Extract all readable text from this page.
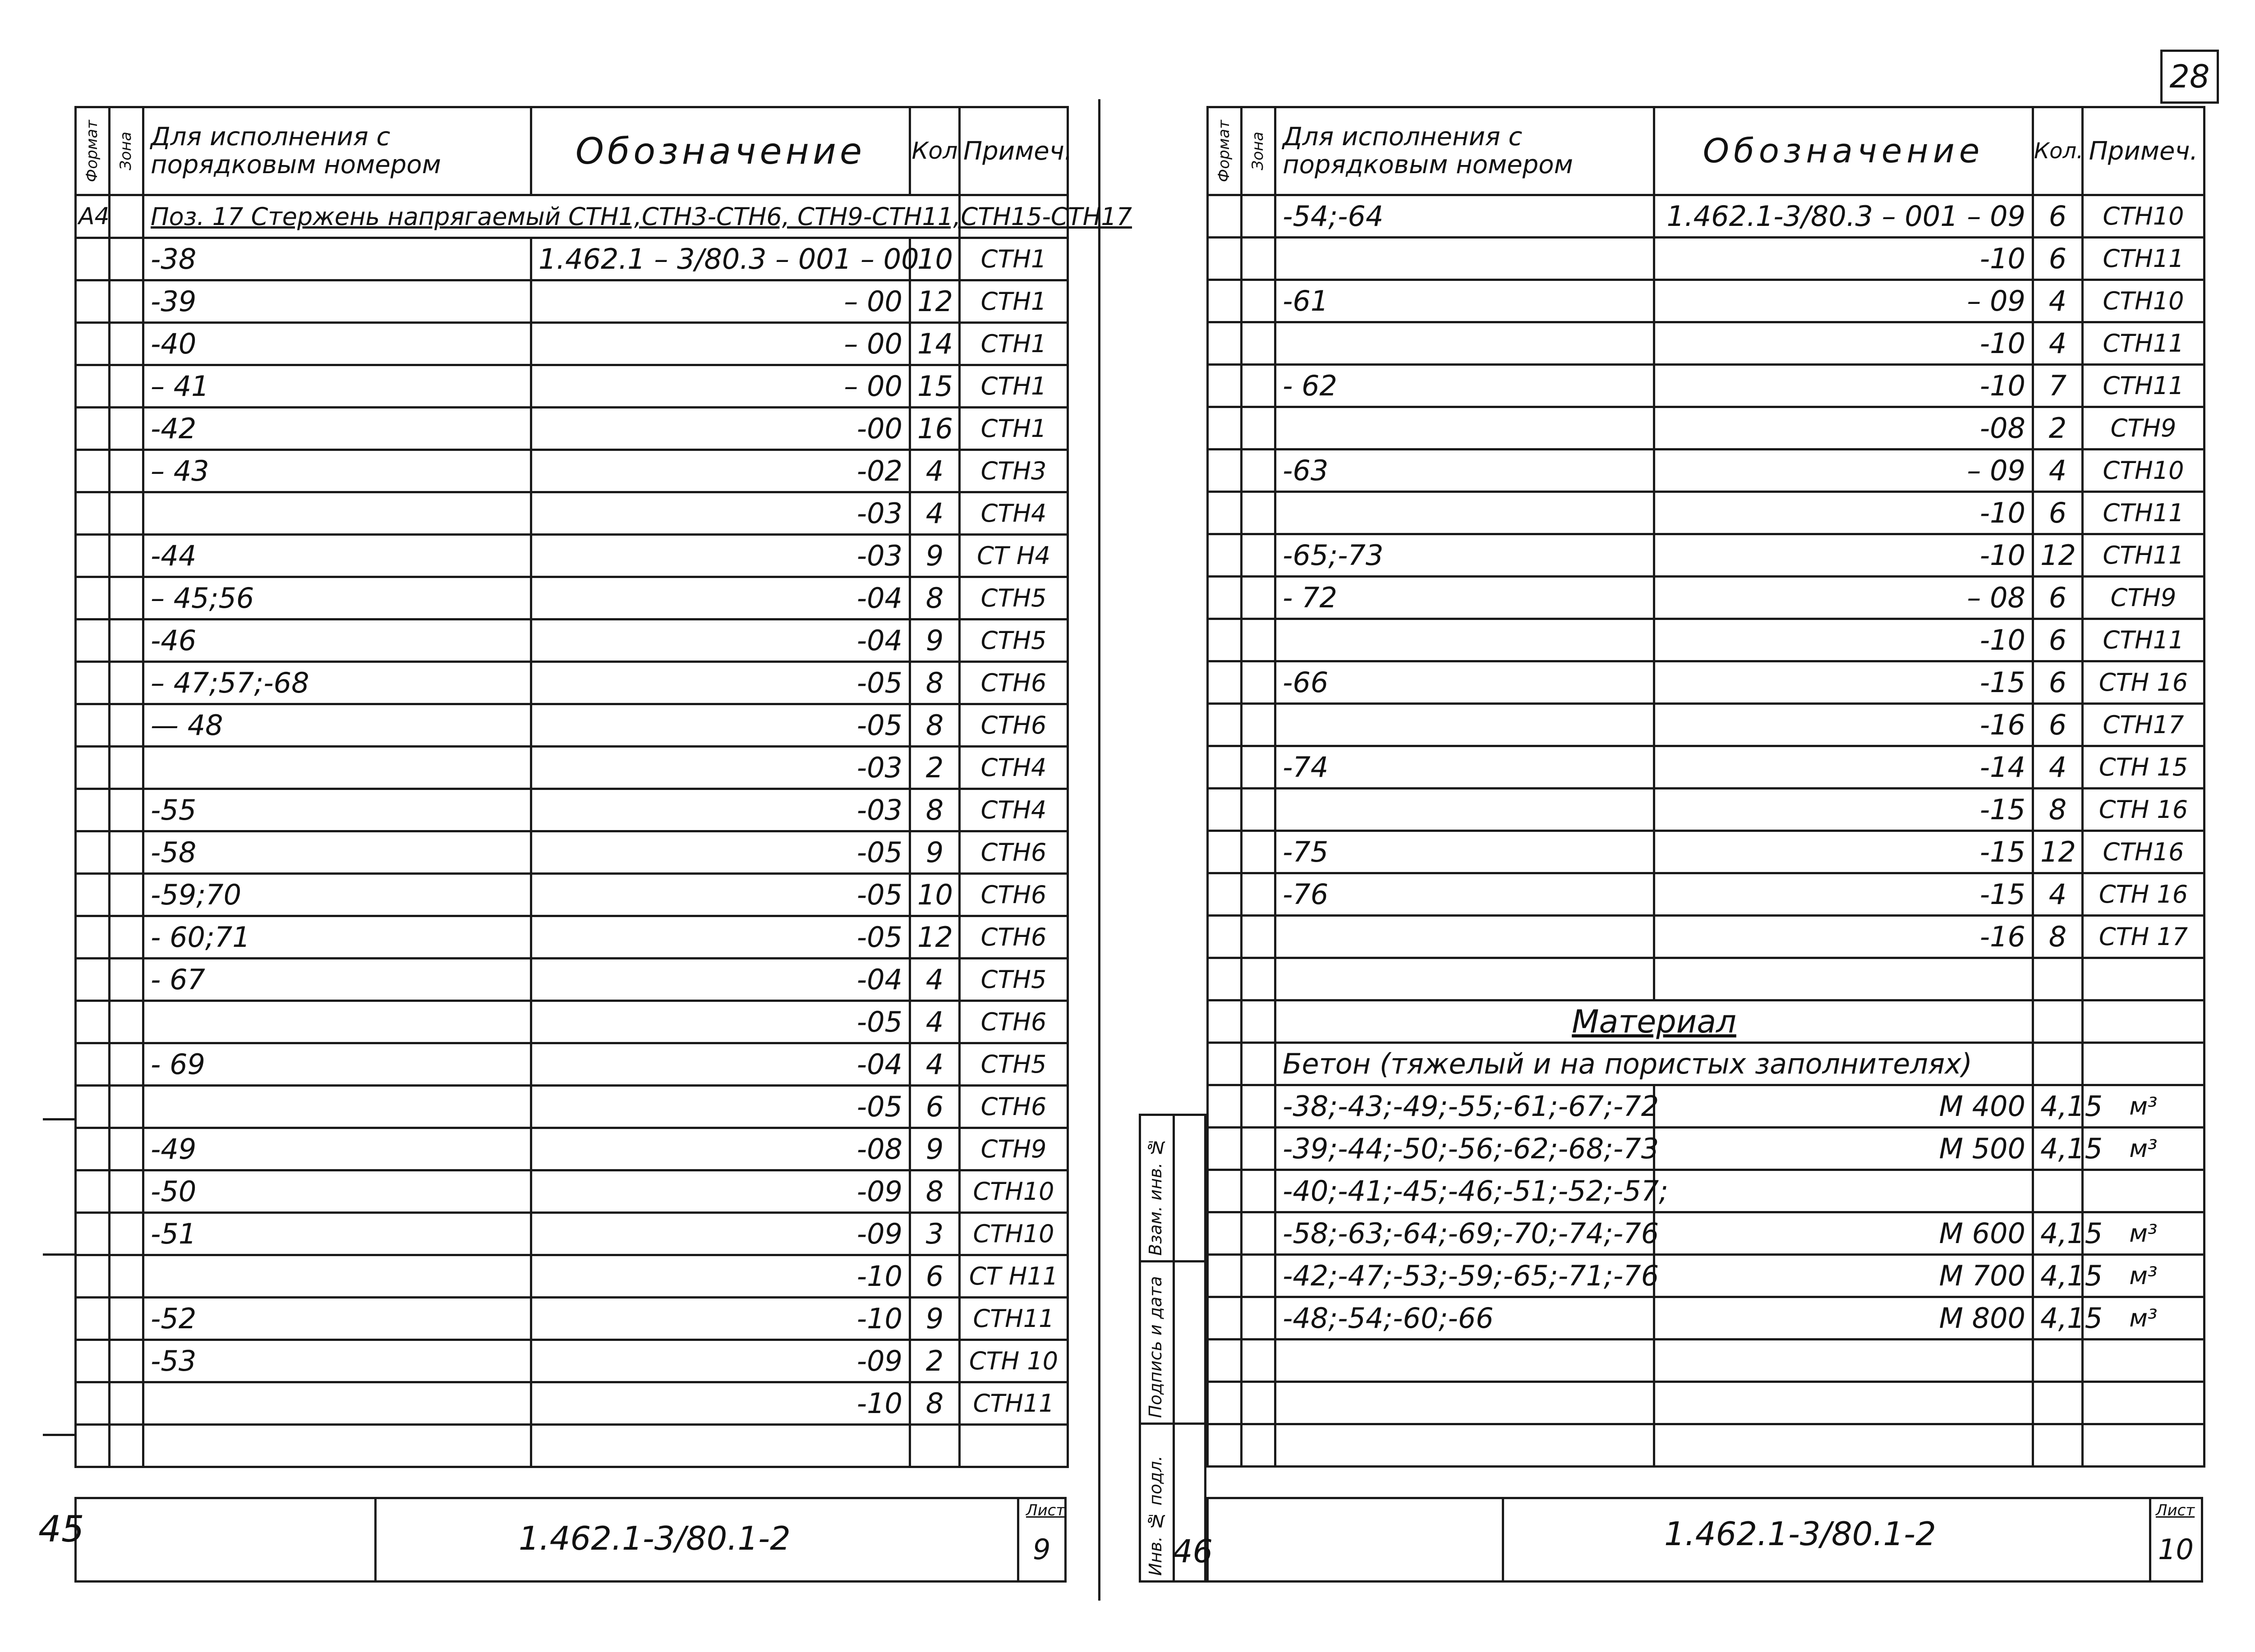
28
Формат	Зона	Для исполнения с порядковым номером	Обозначение	Кол	Примеч.
А4		Поз. 17 Стержень напрягаемый СТН1,СТН3-СТН6, СТН9-СТН11,СТН15-СТН17			
		-38	1.462.1 – 3/80.3 – 001 – 00	10	СТН1
		-39	– 00	12	СТН1
		-40	– 00	14	СТН1
		– 41	– 00	15	СТН1
		-42	-00	16	СТН1
		– 43	-02	4	СТН3
			-03	4	СТН4
		-44	-03	9	СТ Н4
		– 45;56	-04	8	СТН5
		-46	-04	9	СТН5
		– 47;57;-68	-05	8	СТН6
		— 48	-05	8	СТН6
			-03	2	СТН4
		-55	-03	8	СТН4
		-58	-05	9	СТН6
		-59;70	-05	10	СТН6
		- 60;71	-05	12	СТН6
		- 67	-04	4	СТН5
			-05	4	СТН6
		- 69	-04	4	СТН5
			-05	6	СТН6
		-49	-08	9	СТН9
		-50	-09	8	СТН10
		-51	-09	3	СТН10
			-10	6	СТ Н11
		-52	-10	9	СТН11
		-53	-09	2	СТН 10
			-10	8	СТН11

1.462.1-3/80.1-2
Лист
9
45
Формат	Зона	Для исполнения с порядковым номером	Обозначение	Кол.	Примеч.
		-54;-64	1.462.1-3/80.3 – 001 – 09	6	СТН10
			-10	6	СТН11
		-61	– 09	4	СТН10
			-10	4	СТН11
		- 62	-10	7	СТН11
			-08	2	СТН9
		-63	– 09	4	СТН10
			-10	6	СТН11
		-65;-73	-10	12	СТН11
		- 72	– 08	6	СТН9
			-10	6	СТН11
		-66	-15	6	СТН 16
			-16	6	СТН17
		-74	-14	4	СТН 15
			-15	8	СТН 16
		-75	-15	12	СТН16
		-76	-15	4	СТН 16
			-16	8	СТН 17

		Материал			
		Бетон (тяжелый и на пористых заполнителях)			
		-38;-43;-49;-55;-61;-67;-72	М 400	4,15	м³
		-39;-44;-50;-56;-62;-68;-73	М 500	4,15	м³
		-40;-41;-45;-46;-51;-52;-57;			
		-58;-63;-64;-69;-70;-74;-76	М 600	4,15	м³
		-42;-47;-53;-59;-65;-71;-76	М 700	4,15	м³
		-48;-54;-60;-66	М 800	4,15	м³

Инв. № подл.
Подпись и дата
Взам. инв. №
1.462.1-3/80.1-2
Лист
10
46
